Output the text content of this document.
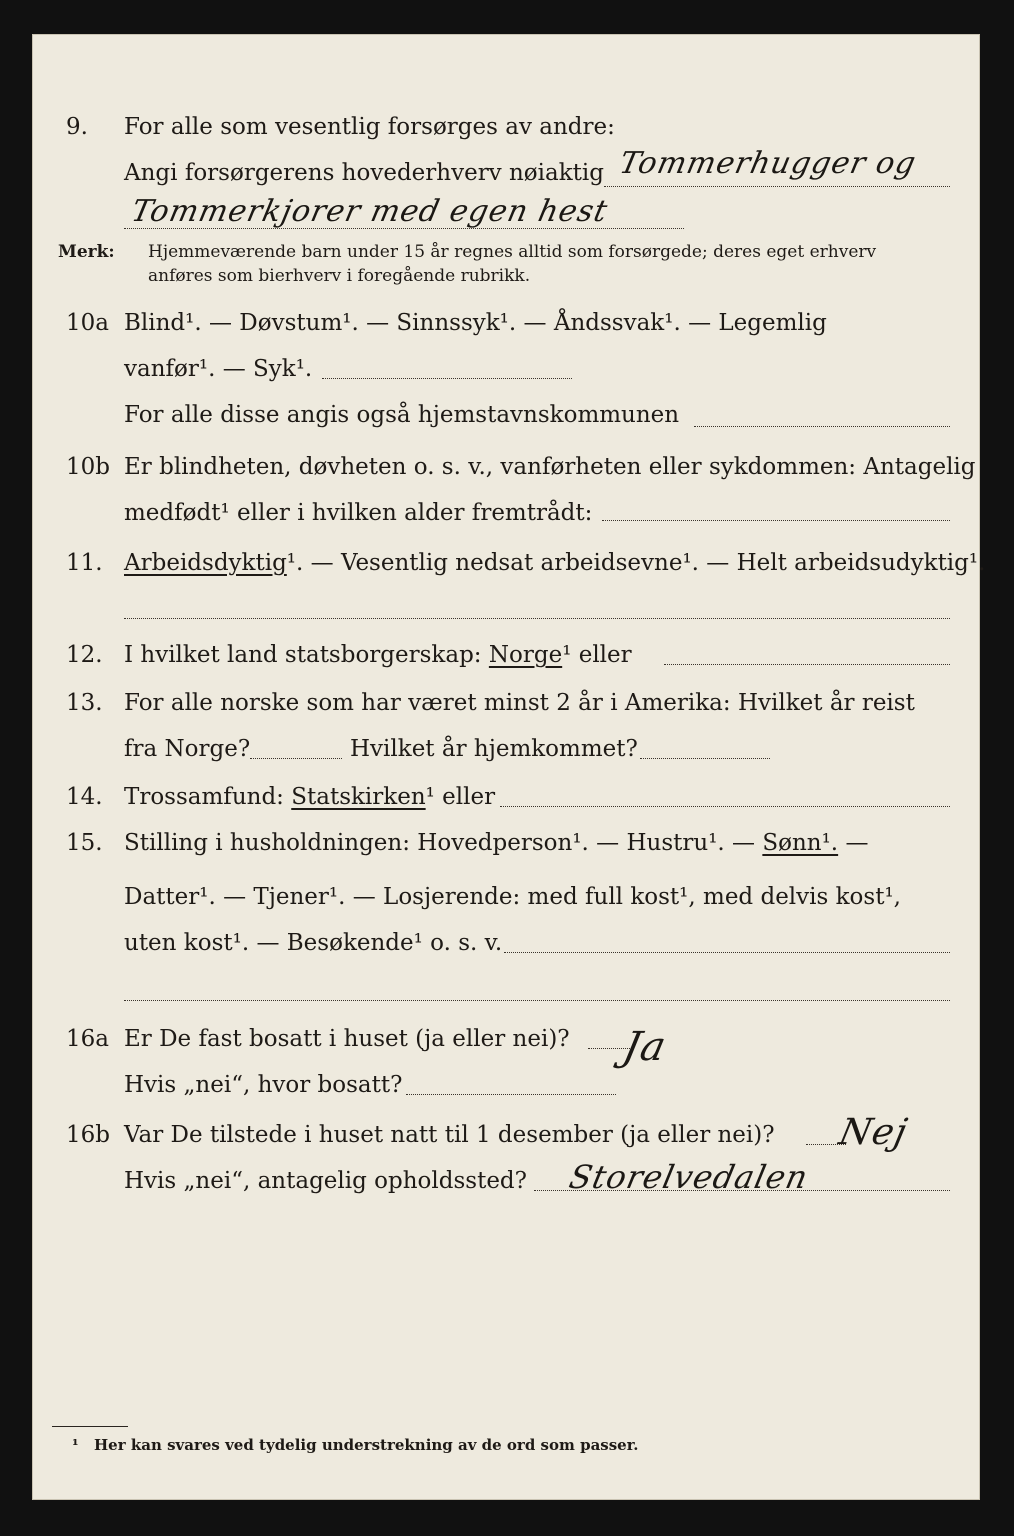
9. For alle som vesentlig forsørges av andre:
Angi forsørgerens hovederhverv nøiaktig Tommerhugger og
Tommerkjorer med egen hest
Merk: Hjemmeværende barn under 15 år regnes alltid som forsørgede; deres eget erhverv
anføres som bierhverv i foregående rubrikk.
10a Blind¹. — Døvstum¹. — Sinnssyk¹. — Åndssvak¹. — Legemlig
vanfør¹. — Syk¹.
For alle disse angis også hjemstavnskommunen
10b Er blindheten, døvheten o. s. v., vanførheten eller sykdommen: Antagelig
medfødt¹ eller i hvilken alder fremtrådt:
11. Arbeidsdyktig¹. — Vesentlig nedsat arbeidsevne¹. — Helt arbeidsudyktig¹.
12. I hvilket land statsborgerskap: Norge¹ eller
13. For alle norske som har været minst 2 år i Amerika: Hvilket år reist
fra Norge?	Hvilket år hjemkommet?
14. Trossamfund: Statskirken¹ eller
15. Stilling i husholdningen: Hovedperson¹. — Hustru¹. — Sønn¹. —
Datter¹. — Tjener¹. — Losjerende: med full kost¹, med delvis kost¹,
uten kost¹. — Besøkende¹ o. s. v.
16a Er De fast bosatt i huset (ja eller nei)? Ja
Hvis „nei“, hvor bosatt?
16b Var De tilstede i huset natt til 1 desember (ja eller nei)? Nej
Hvis „nei“, antagelig opholdssted? Storelvedalen
¹ Her kan svares ved tydelig understrekning av de ord som passer.
